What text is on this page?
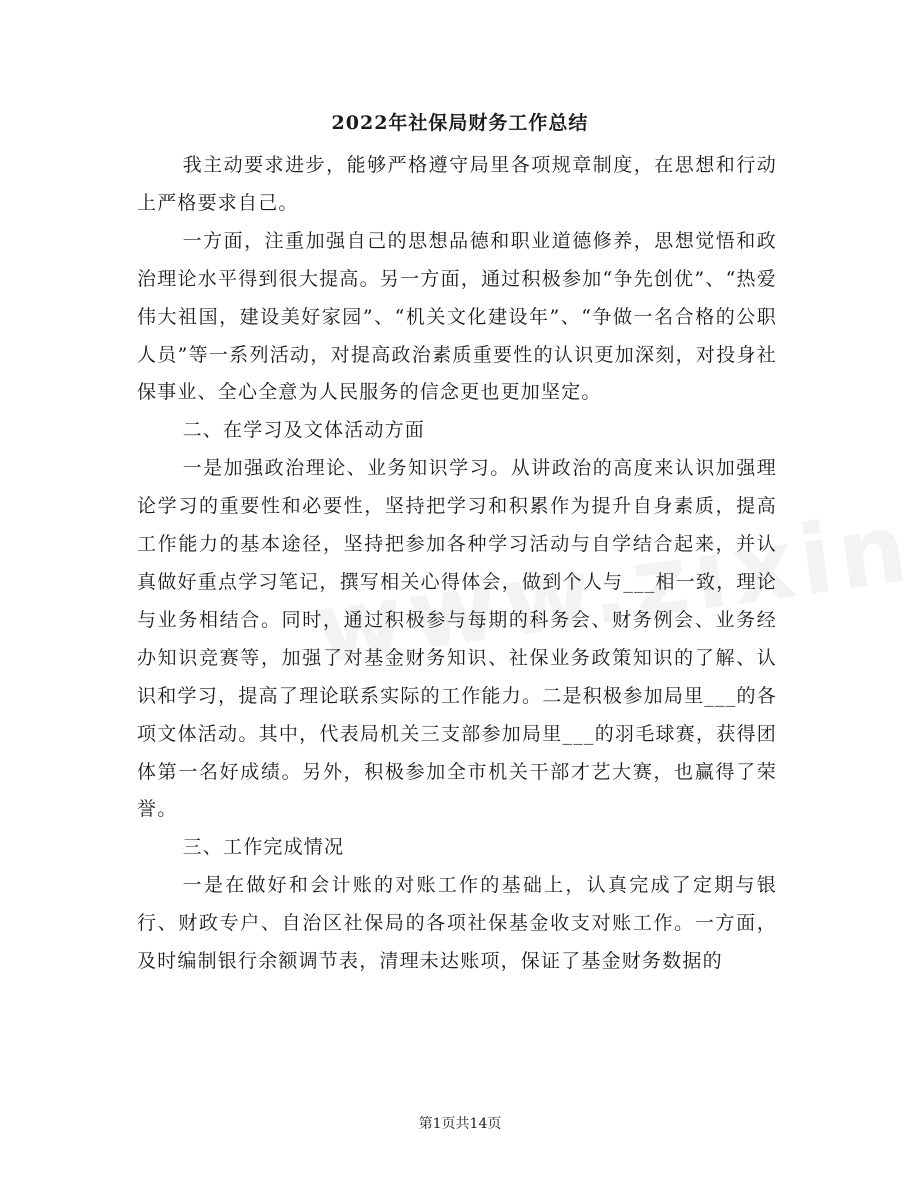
2022年社保局财务工作总结

我主动要求进步，能够严格遵守局里各项规章制度，在思想和行动上严格要求自己。

一方面，注重加强自己的思想品德和职业道德修养，思想觉悟和政治理论水平得到很大提高。另一方面，通过积极参加“争先创优”、“热爱伟大祖国，建设美好家园”、“机关文化建设年”、“争做一名合格的公职人员”等一系列活动，对提高政治素质重要性的认识更加深刻，对投身社保事业、全心全意为人民服务的信念更也更加坚定。

二、在学习及文体活动方面

一是加强政治理论、业务知识学习。从讲政治的高度来认识加强理论学习的重要性和必要性，坚持把学习和积累作为提升自身素质，提高工作能力的基本途径，坚持把参加各种学习活动与自学结合起来，并认真做好重点学习笔记，撰写相关心得体会，做到个人与___相一致，理论与业务相结合。同时，通过积极参与每期的科务会、财务例会、业务经办知识竞赛等，加强了对基金财务知识、社保业务政策知识的了解、认识和学习，提高了理论联系实际的工作能力。二是积极参加局里___的各项文体活动。其中，代表局机关三支部参加局里___的羽毛球赛，获得团体第一名好成绩。另外，积极参加全市机关干部才艺大赛，也赢得了荣誉。

三、工作完成情况

一是在做好和会计账的对账工作的基础上，认真完成了定期与银行、财政专户、自治区社保局的各项社保基金收支对账工作。一方面，及时编制银行余额调节表，清理未达账项，保证了基金财务数据的

第1页共14页
